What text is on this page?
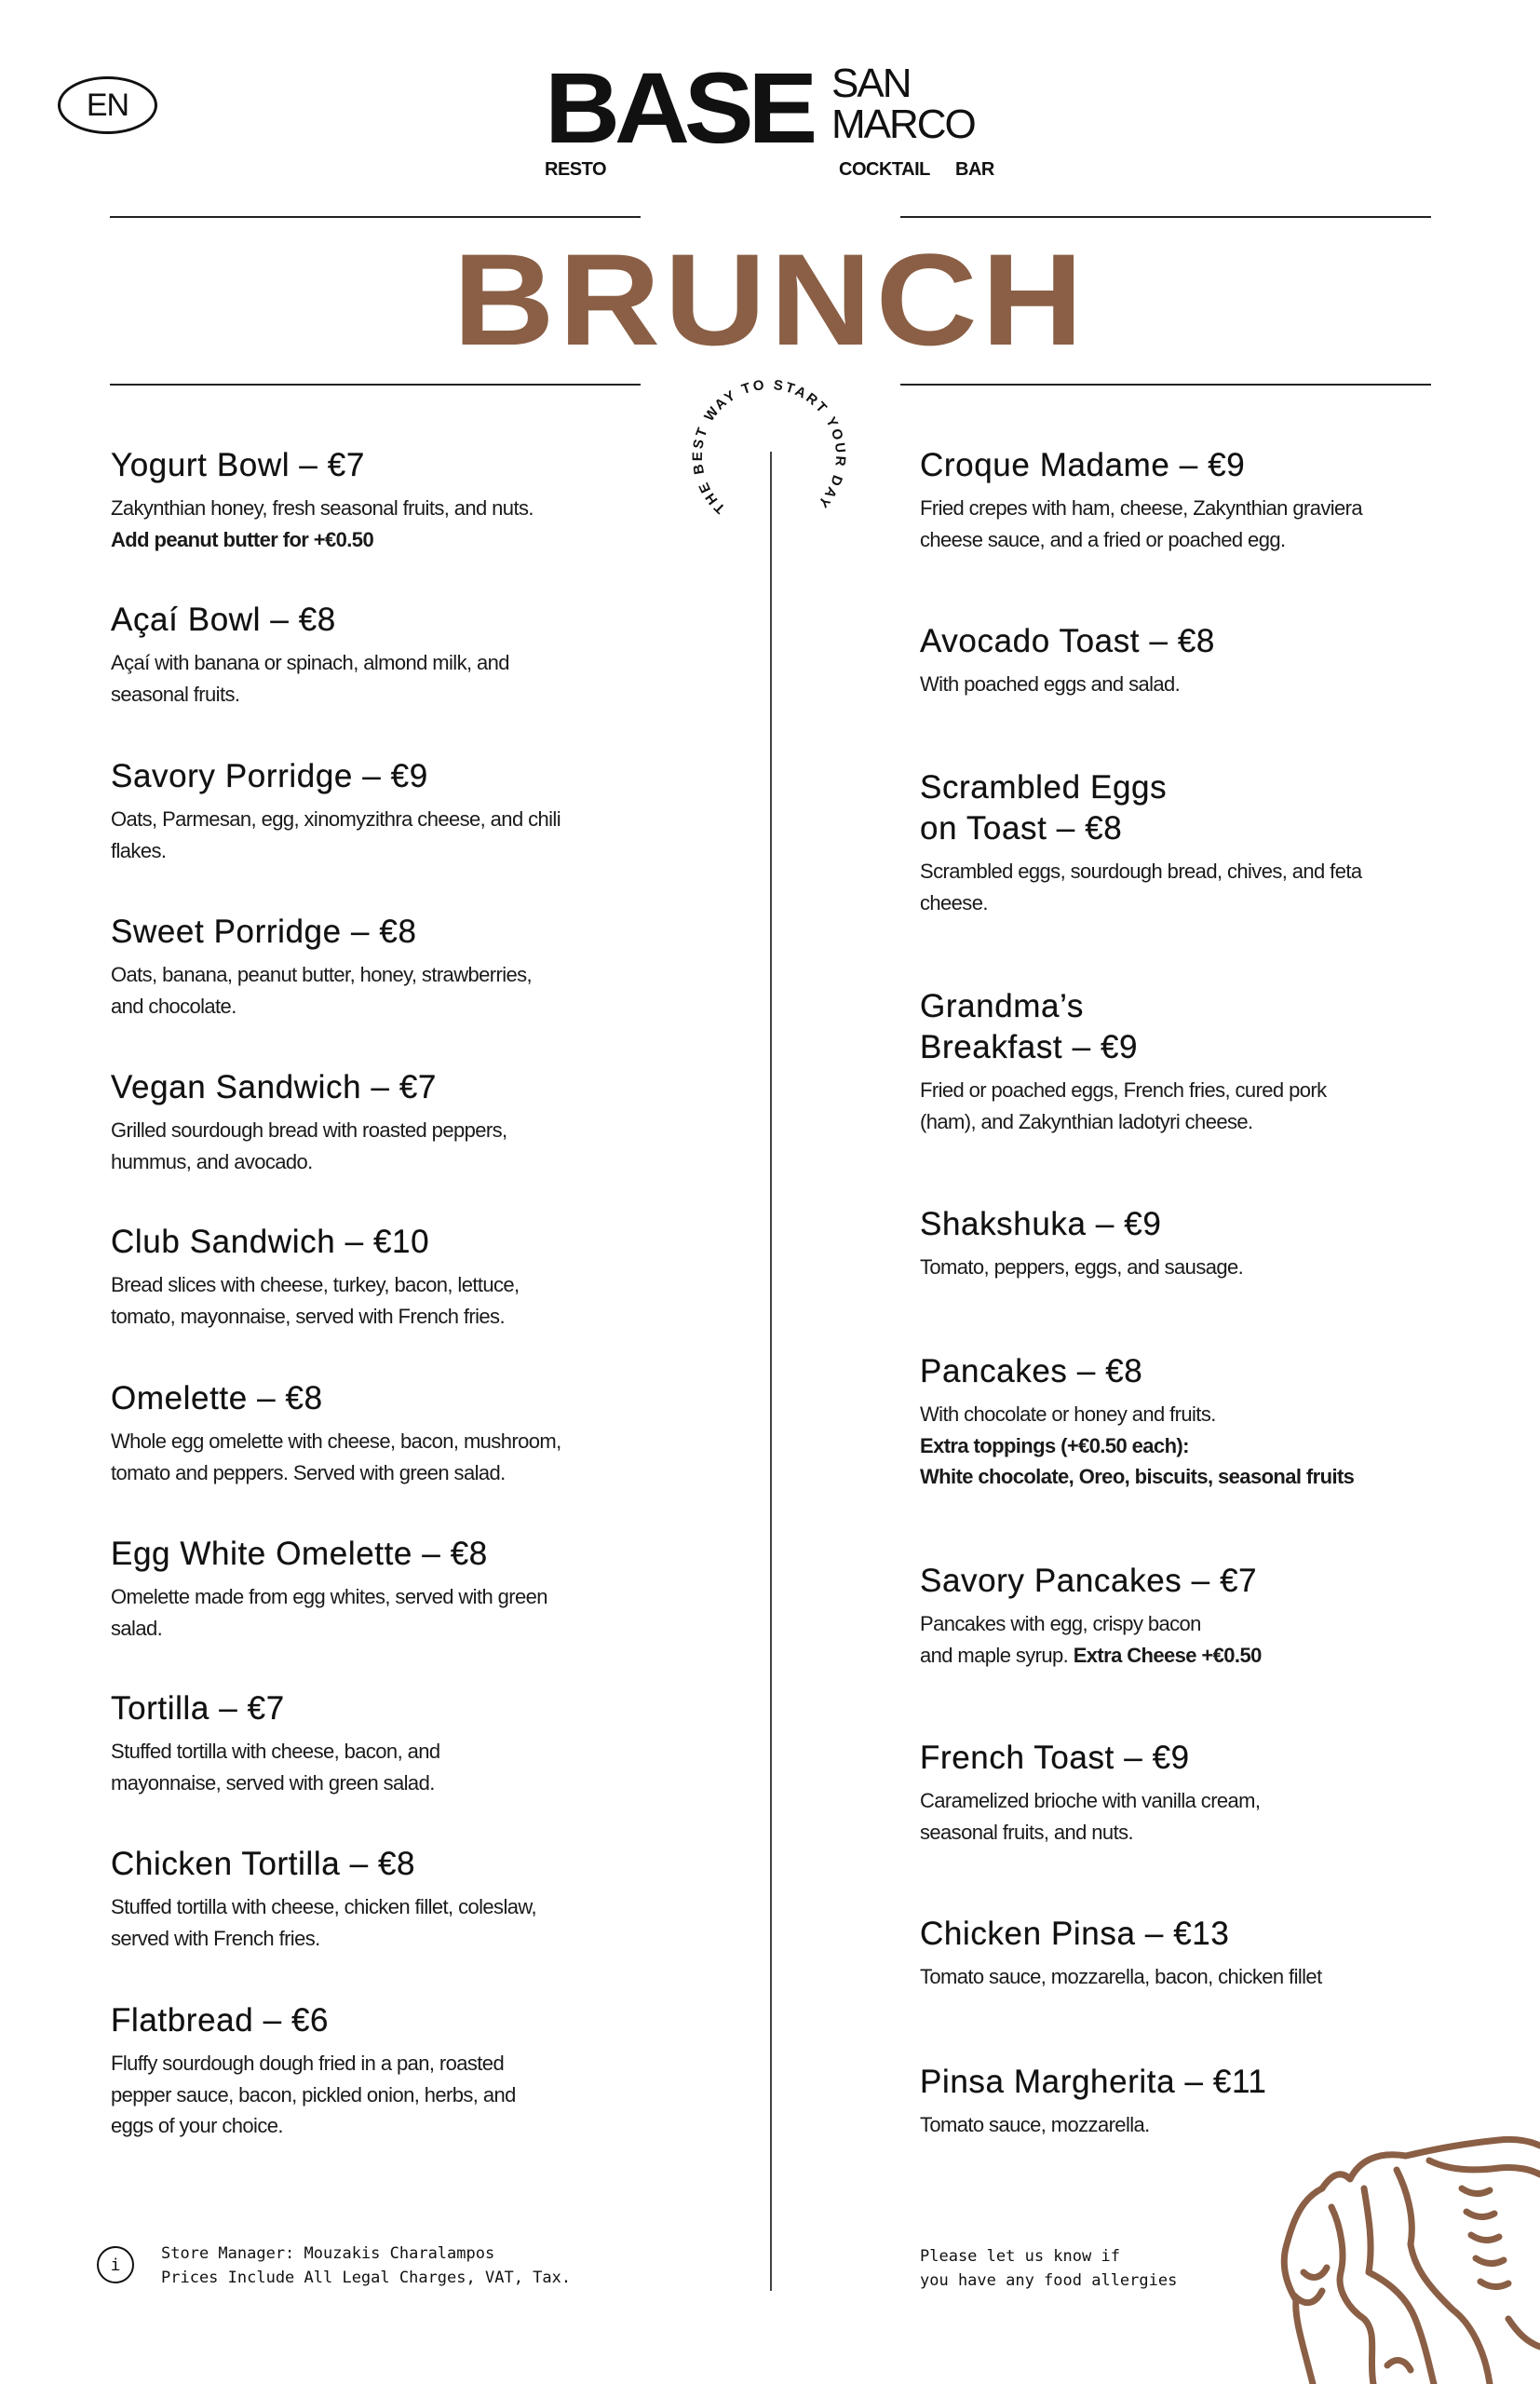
EN	BASE SAN
MARCO
RESTO	COCKTAIL BAR
BRUNCH
THE BEST WAY TO START YOUR DAY
Yogurt Bowl – €7
Zakynthian honey, fresh seasonal fruits, and nuts.
Add peanut butter for +€0.50
Açaí Bowl – €8
Açaí with banana or spinach, almond milk, and
seasonal fruits.
Savory Porridge – €9
Oats, Parmesan, egg, xinomyzithra cheese, and chili
flakes.
Sweet Porridge – €8
Oats, banana, peanut butter, honey, strawberries,
and chocolate.
Vegan Sandwich – €7
Grilled sourdough bread with roasted peppers,
hummus, and avocado.
Club Sandwich – €10
Bread slices with cheese, turkey, bacon, lettuce,
tomato, mayonnaise, served with French fries.
Omelette – €8
Whole egg omelette with cheese, bacon, mushroom,
tomato and peppers. Served with green salad.
Egg White Omelette – €8
Omelette made from egg whites, served with green
salad.
Tortilla – €7
Stuffed tortilla with cheese, bacon, and
mayonnaise, served with green salad.
Chicken Tortilla – €8
Stuffed tortilla with cheese, chicken fillet, coleslaw,
served with French fries.
Flatbread – €6
Fluffy sourdough dough fried in a pan, roasted
pepper sauce, bacon, pickled onion, herbs, and
eggs of your choice.
Croque Madame – €9
Fried crepes with ham, cheese, Zakynthian graviera
cheese sauce, and a fried or poached egg.
Avocado Toast – €8
With poached eggs and salad.
Scrambled Eggs
on Toast – €8
Scrambled eggs, sourdough bread, chives, and feta
cheese.
Grandma’s
Breakfast – €9
Fried or poached eggs, French fries, cured pork
(ham), and Zakynthian ladotyri cheese.
Shakshuka – €9
Tomato, peppers, eggs, and sausage.
Pancakes – €8
With chocolate or honey and fruits.
Extra toppings (+€0.50 each):
White chocolate, Oreo, biscuits, seasonal fruits
Savory Pancakes – €7
Pancakes with egg, crispy bacon
and maple syrup. Extra Cheese +€0.50
French Toast – €9
Caramelized brioche with vanilla cream,
seasonal fruits, and nuts.
Chicken Pinsa – €13
Tomato sauce, mozzarella, bacon, chicken fillet
Pinsa Margherita – €11
Tomato sauce, mozzarella.
i
Store Manager: Mouzakis Charalampos
Prices Include All Legal Charges, VAT, Tax.
Please let us know if
you have any food allergies
